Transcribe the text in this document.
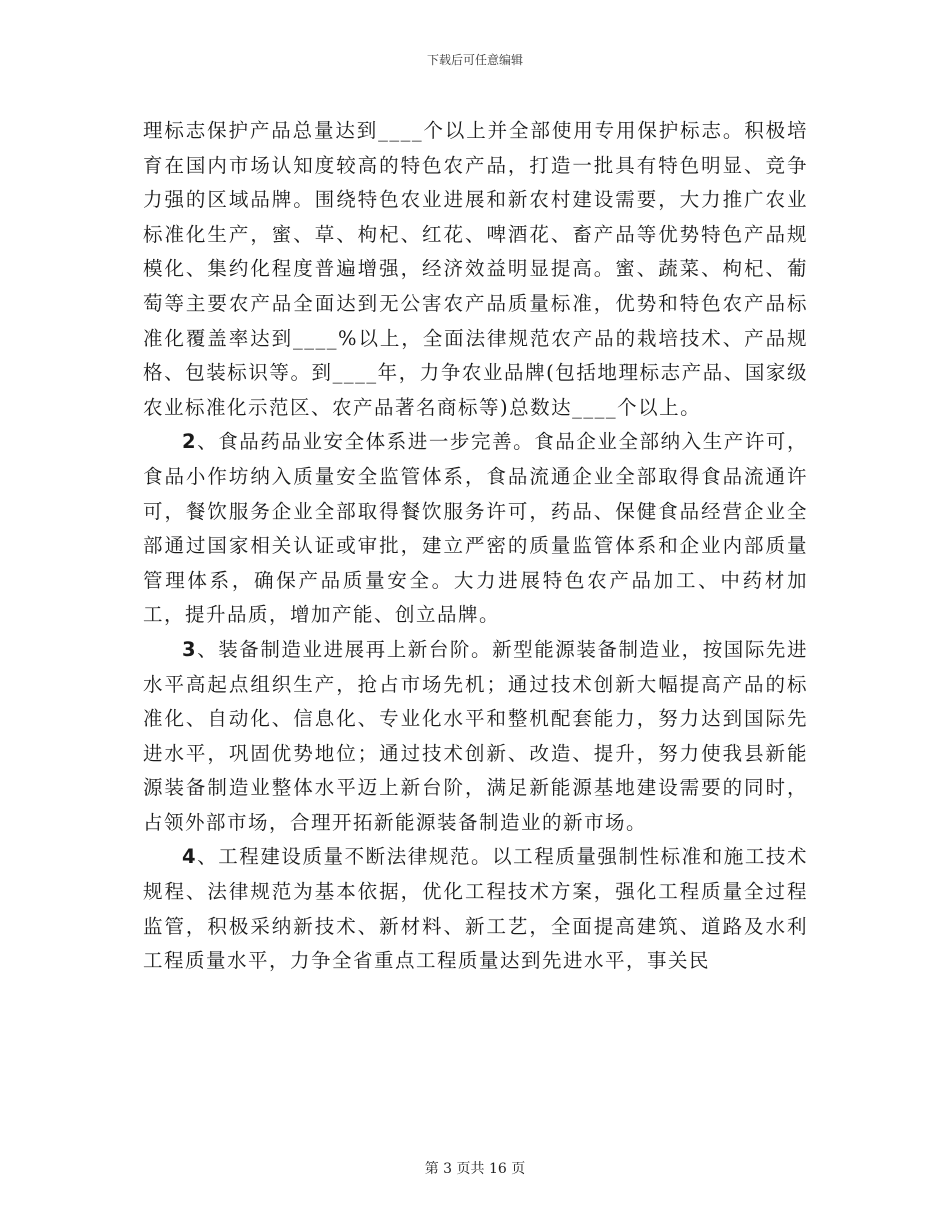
下载后可任意编辑

理标志保护产品总量达到____个以上并全部使用专用保护标志。积极培育在国内市场认知度较高的特色农产品，打造一批具有特色明显、竞争力强的区域品牌。围绕特色农业进展和新农村建设需要，大力推广农业标准化生产，蜜、草、枸杞、红花、啤酒花、畜产品等优势特色产品规模化、集约化程度普遍增强，经济效益明显提高。蜜、蔬菜、枸杞、葡萄等主要农产品全面达到无公害农产品质量标准，优势和特色农产品标准化覆盖率达到____%以上，全面法律规范农产品的栽培技术、产品规格、包装标识等。到____年，力争农业品牌(包括地理标志产品、国家级农业标准化示范区、农产品著名商标等)总数达____个以上。

2、食品药品业安全体系进一步完善。食品企业全部纳入生产许可，食品小作坊纳入质量安全监管体系，食品流通企业全部取得食品流通许可，餐饮服务企业全部取得餐饮服务许可，药品、保健食品经营企业全部通过国家相关认证或审批，建立严密的质量监管体系和企业内部质量管理体系，确保产品质量安全。大力进展特色农产品加工、中药材加工，提升品质，增加产能、创立品牌。

3、装备制造业进展再上新台阶。新型能源装备制造业，按国际先进水平高起点组织生产，抢占市场先机；通过技术创新大幅提高产品的标准化、自动化、信息化、专业化水平和整机配套能力，努力达到国际先进水平，巩固优势地位；通过技术创新、改造、提升，努力使我县新能源装备制造业整体水平迈上新台阶，满足新能源基地建设需要的同时，占领外部市场，合理开拓新能源装备制造业的新市场。

4、工程建设质量不断法律规范。以工程质量强制性标准和施工技术规程、法律规范为基本依据，优化工程技术方案，强化工程质量全过程监管，积极采纳新技术、新材料、新工艺，全面提高建筑、道路及水利工程质量水平，力争全省重点工程质量达到先进水平，事关民

第 3 页共 16 页
